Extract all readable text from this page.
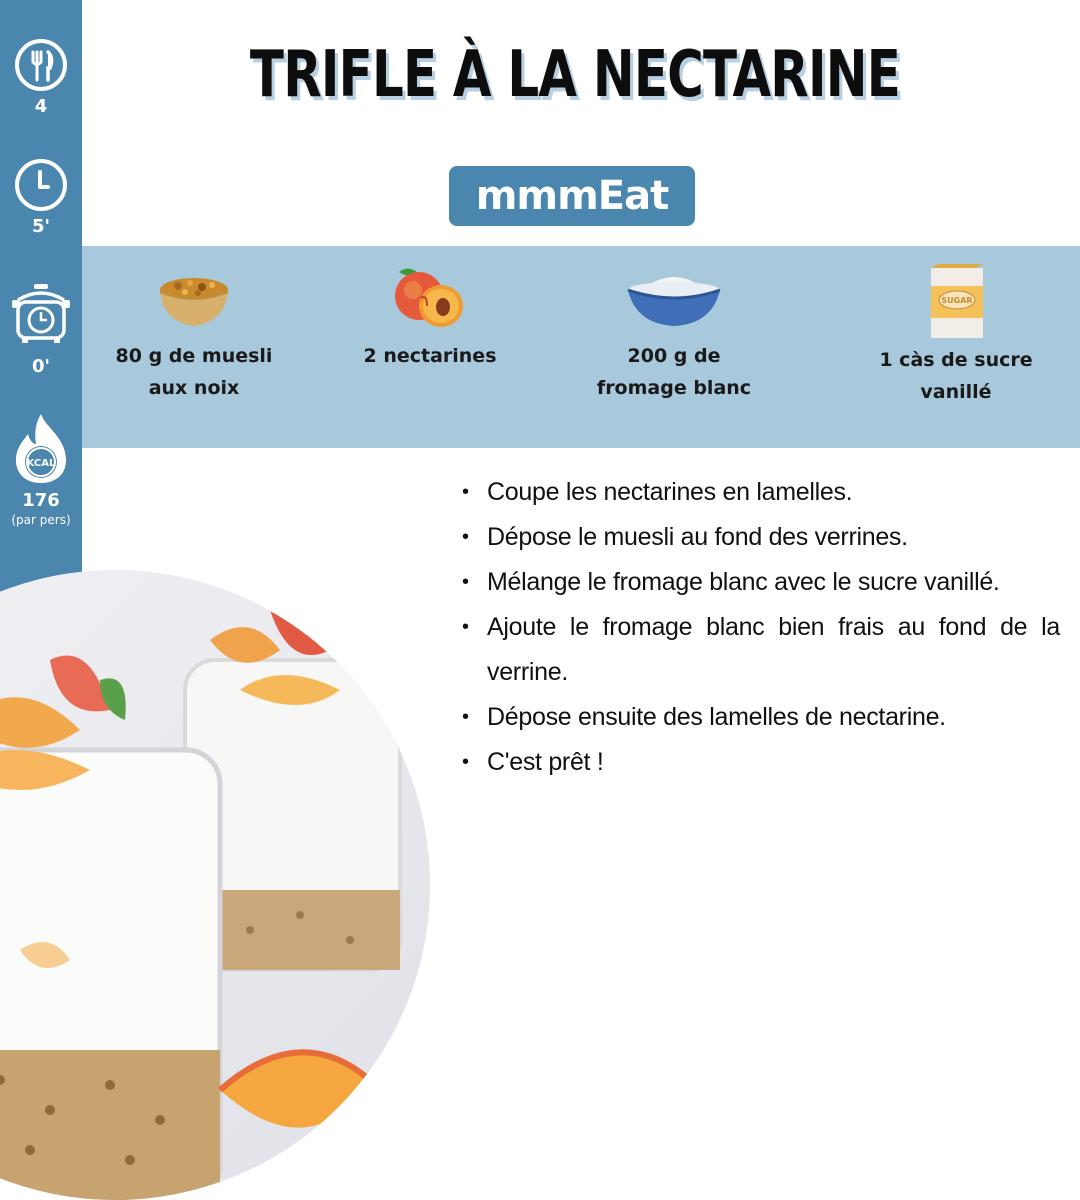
4
5'
0'
KCAL
176
(par pers)
TRIFLE À LA NECTARINE
mmmEat
80 g de muesli
aux noix
2 nectarines	200 g de
fromage blanc
SUGAR
1 càs de sucre
vanillé
• Coupe les nectarines en lamelles.
• Dépose le muesli au fond des verrines.
• Mélange le fromage blanc avec le sucre vanillé.
• Ajoute le fromage blanc bien frais au fond de la verrine.
• Dépose ensuite des lamelles de nectarine.
• C'est prêt !
